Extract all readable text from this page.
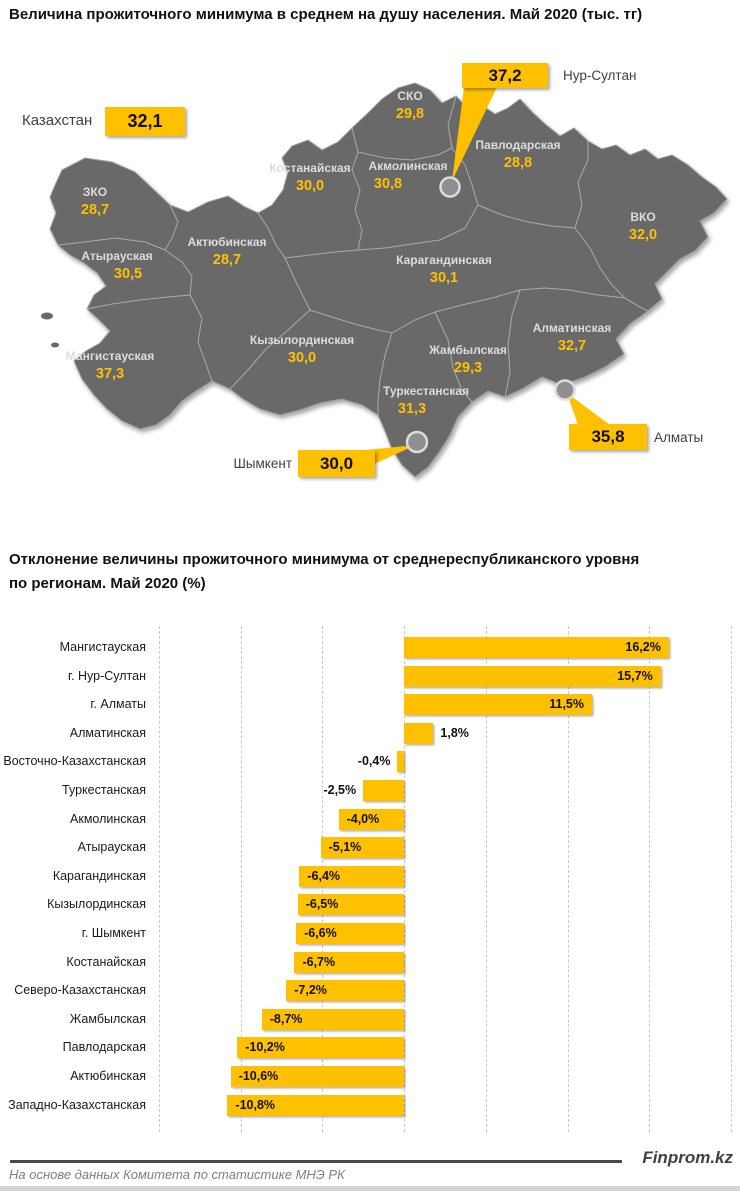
Величина прожиточного минимума в среднем на душу населения. Май 2020 (тыс. тг)
СКО
29,8
Костанайская
30,0
Акмолинская
30,8
Павлодарская
28,8
ВКО
32,0
ЗКО
28,7
Актюбинская
28,7
Атырауская
30,5
Карагандинская
30,1
Мангистауская
37,3
Кызылординская
30,0	Жамбылская
29,3
Алматинская
32,7
Туркестанская
31,3
37,2	Нур-Султан
35,8	Алматы
30,0
Шымкент
Казахстан	32,1
Отклонение величины прожиточного минимума от среднереспубликанского уровня
по регионам. Май 2020 (%)
Мангистауская	16,2%
г. Нур-Султан	15,7%
г. Алматы	11,5%
Алматинская	1,8%
Восточно-Казахстанская	-0,4%
Туркестанская	-2,5%
Акмолинская	-4,0%
Атырауская	-5,1%
Карагандинская	-6,4%
Кызылординская	-6,5%
г. Шымкент	-6,6%
Костанайская	-6,7%
Северо-Казахстанская	-7,2%
Жамбылская	-8,7%
Павлодарская	-10,2%
Актюбинская	-10,6%
Западно-Казахстанская	-10,8%
Finprom.kz
На основе данных Комитета по статистике МНЭ РК
